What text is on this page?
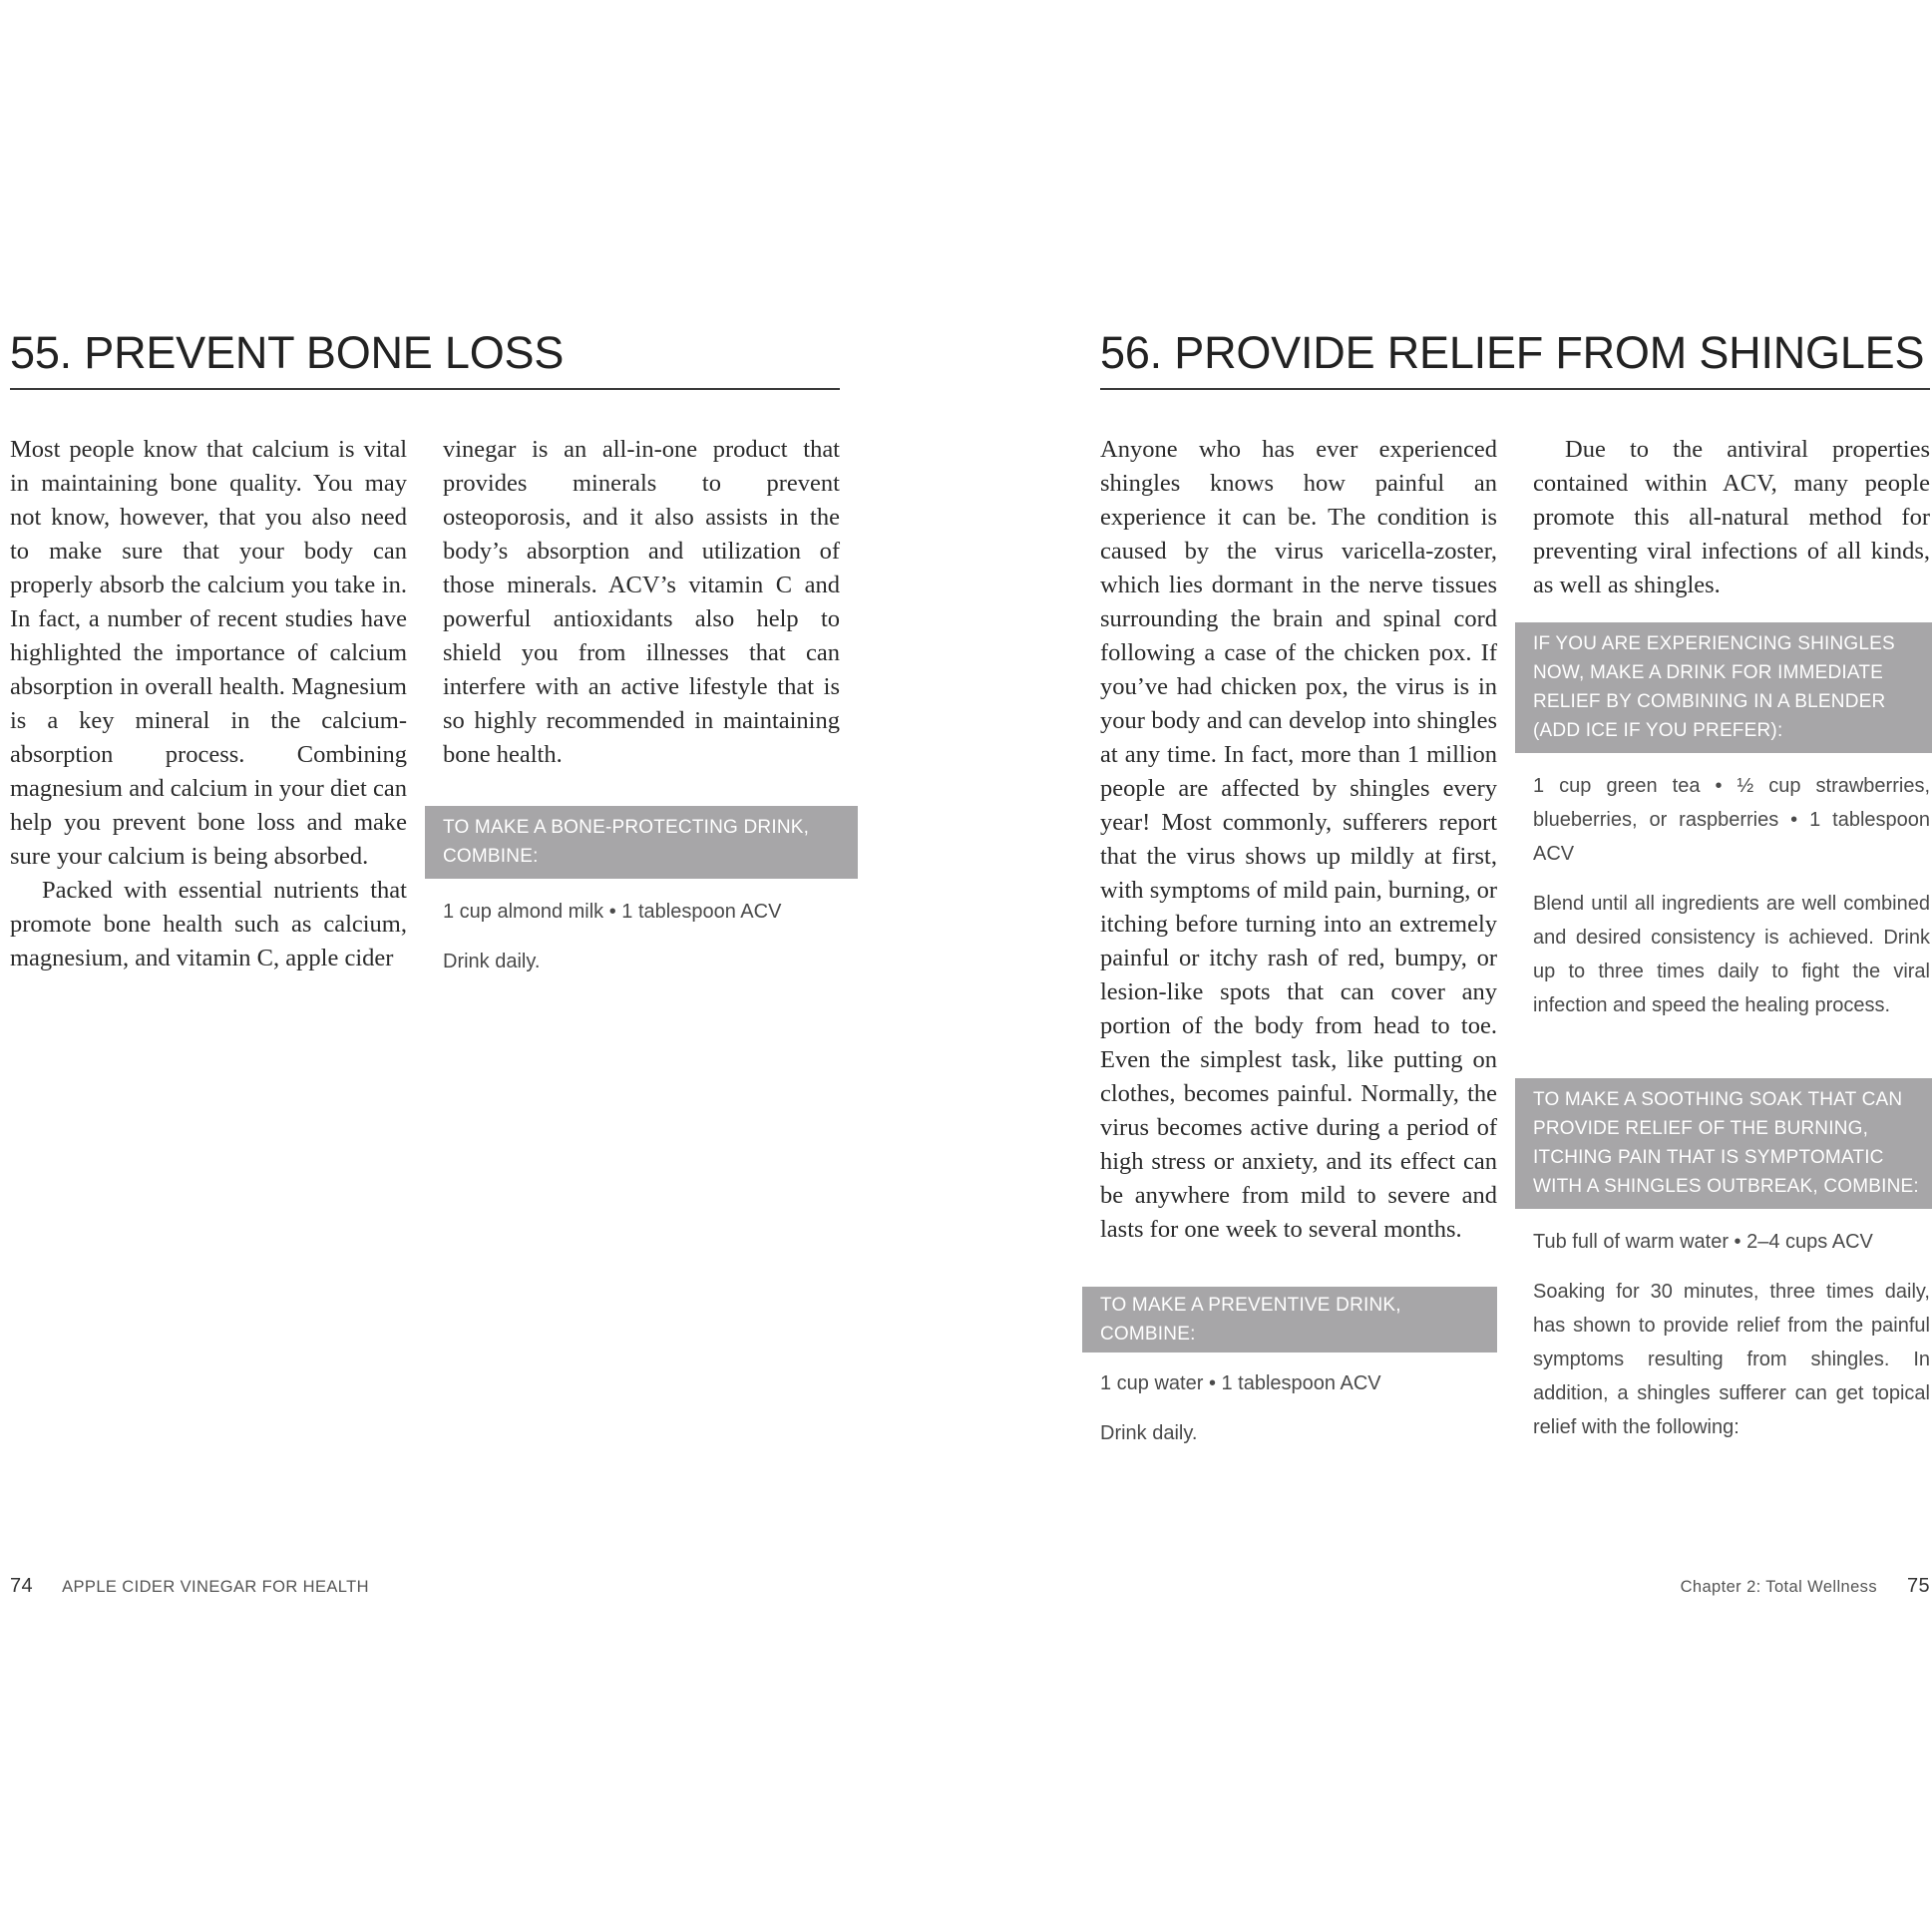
55. PREVENT BONE LOSS

Most people know that calcium is vital in maintaining bone quality. You may not know, however, that you also need to make sure that your body can properly absorb the calcium you take in. In fact, a number of recent studies have highlighted the importance of calcium absorption in overall health. Magnesium is a key mineral in the calcium-absorption process. Combining magnesium and calcium in your diet can help you prevent bone loss and make sure your calcium is being absorbed.

Packed with essential nutrients that promote bone health such as calcium, magnesium, and vitamin C, apple cider

vinegar is an all-in-one product that provides minerals to prevent osteoporosis, and it also assists in the body’s absorption and utilization of those minerals. ACV’s vitamin C and powerful antioxidants also help to shield you from illnesses that can interfere with an active lifestyle that is so highly recommended in maintaining bone health.

TO MAKE A BONE-PROTECTING DRINK, COMBINE:

1 cup almond milk • 1 tablespoon ACV

Drink daily.

74 APPLE CIDER VINEGAR FOR HEALTH
56. PROVIDE RELIEF FROM SHINGLES

Anyone who has ever experienced shingles knows how painful an experience it can be. The condition is caused by the virus varicella-zoster, which lies dormant in the nerve tissues surrounding the brain and spinal cord following a case of the chicken pox. If you’ve had chicken pox, the virus is in your body and can develop into shingles at any time. In fact, more than 1 million people are affected by shingles every year! Most commonly, sufferers report that the virus shows up mildly at first, with symptoms of mild pain, burning, or itching before turning into an extremely painful or itchy rash of red, bumpy, or lesion-like spots that can cover any portion of the body from head to toe. Even the simplest task, like putting on clothes, becomes painful. Normally, the virus becomes active during a period of high stress or anxiety, and its effect can be anywhere from mild to severe and lasts for one week to several months.

TO MAKE A PREVENTIVE DRINK, COMBINE:

1 cup water • 1 tablespoon ACV

Drink daily.

Due to the antiviral properties contained within ACV, many people promote this all-natural method for preventing viral infections of all kinds, as well as shingles.

IF YOU ARE EXPERIENCING SHINGLES NOW, MAKE A DRINK FOR IMMEDIATE RELIEF BY COMBINING IN A BLENDER (ADD ICE IF YOU PREFER):

1 cup green tea • ½ cup strawberries, blueberries, or raspberries • 1 tablespoon ACV

Blend until all ingredients are well combined and desired consistency is achieved. Drink up to three times daily to fight the viral infection and speed the healing process.

TO MAKE A SOOTHING SOAK THAT CAN PROVIDE RELIEF OF THE BURNING, ITCHING PAIN THAT IS SYMPTOMATIC WITH A SHINGLES OUTBREAK, COMBINE:

Tub full of warm water • 2–4 cups ACV

Soaking for 30 minutes, three times daily, has shown to provide relief from the painful symptoms resulting from shingles. In addition, a shingles sufferer can get topical relief with the following:

Chapter 2: Total Wellness 75
